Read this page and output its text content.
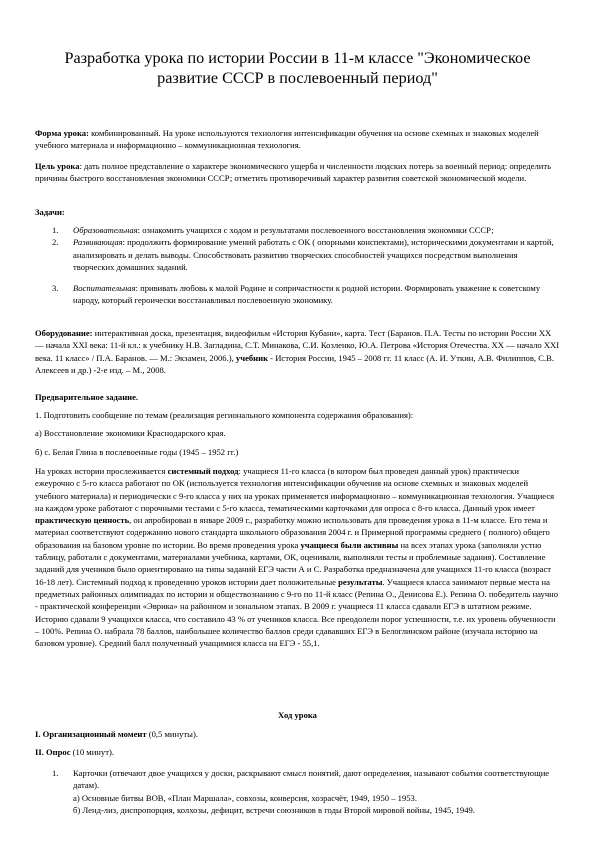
Разработка урока по истории России в 11-м классе "Экономическое развитие СССР в послевоенный период"

Форма урока: комбинированный. На уроке используются технология интенсификации обучения на основе схемных и знаковых моделей учебного материала и информационно – коммуникационная технология.

Цель урока: дать полное представление о характере экономического ущерба и численности людских потерь за военный период: определить причины быстрого восстановления экономики СССР; отметить противоречивый характер развития советской экономической модели.

Задачи:

1. Образовательная: ознакомить учащихся с ходом и результатами послевоенного восстановления экономики СССР;
2. Развивающая: продолжить формирование умений работать с ОК ( опорными конспектами), историческими документами и картой, анализировать и делать выводы. Способствовать развитию творческих способностей учащихся посредством выполнения творческих домашних заданий.
3. Воспитательная: прививать любовь к малой Родине и сопричастности к родной истории. Формировать уважение к советскому народу, который героически восстанавливал послевоенную экономику.

Оборудование: интерактивная доска, презентация, видеофильм «История Кубани», карта. Тест (Баранов. П.А. Тесты по истории России XX — начала XXI века: 11-й кл.: к учебнику Н.В. Загладина, С.Т. Минакова, С.И. Козленко, Ю.А. Петрова «История Отечества. XX — начало XXI века. 11 класс» / П.А. Баранов. — М.: Экзамен, 2006.), учебник - История России, 1945 – 2008 гг. 11 класс (А. И. Уткин, А.В. Филиппов, С.В. Алексеев и др.) -2-е изд. – М., 2008.

Предварительное задание.

1. Подготовить сообщение по темам (реализация регионального компонента содержания образования):

а) Восстановление экономики Краснодарского края.

б) с. Белая Глина в послевоенные годы (1945 – 1952 гг.)

На уроках истории прослеживается системный подход: учащиеся 11-го класса (в котором был проведен данный урок) практически ежеурочно с 5-го класса работают по ОК (используется технология интенсификации обучения на основе схемных и знаковых моделей учебного материала) и периодически с 9-го класса у них на уроках применяется информационно – коммуникационная технология. Учащиеся на каждом уроке работают с порочными тестами с 5-го класса, тематическими карточками для опроса с 8-го класса. Данный урок имеет практическую ценность, он апробирован в январе 2009 г., разработку можно использовать для проведения урока в 11-м классе. Его тема и материал соответствуют содержанию нового стандарта школьного образования 2004 г. и Примерной программы среднего ( полного) общего образования на базовом уровне по истории. Во время проведения урока учащиеся были активны на всех этапах урока (заполняли устно таблицу, работали с документами, материалами учебника, картами, ОК, оценивали, выполняли тесты и проблемные задания). Составление заданий для учеников было ориентировано на типы заданий ЕГЭ части А и С. Разработка предназначена для учащихся 11-го класса (возраст 16-18 лет). Системный подход к проведению уроков истории дает положительные результаты. Учащиеся класса занимают первые места на предметных районных олимпиадах по истории и обществознанию с 9-го по 11-й класс (Репина О., Денисова Е.). Репина О. победитель научно - практической конференции «Эврика» на районном и зональном этапах. В 2009 г. учащиеся 11 класса сдавали ЕГЭ в штатном режиме. Историю сдавали 9 учащихся класса, что составило 43 % от учеников класса. Все преодолели порог успешности, т.е. их уровень обученности – 100%. Репина О. набрала 78 баллов, наибольшее количество баллов среди сдававших ЕГЭ в Белоглинском районе (изучала историю на базовом уровне). Средний балл полученный учащимися класса на ЕГЭ - 55,1.

Ход урока

I. Организационный момент (0,5 минуты).

II. Опрос (10 минут).

1. Карточки (отвечают двое учащихся у доски, раскрывают смысл понятий, дают определения, называют события соответствующие датам).
а) Основные битвы ВОВ, «План Маршала», совхозы, конверсия, хозрасчёт, 1949, 1950 – 1953.
б) Ленд-лиз, диспропорция, колхозы, дефицит, встречи союзников в годы Второй мировой войны, 1945, 1949.
